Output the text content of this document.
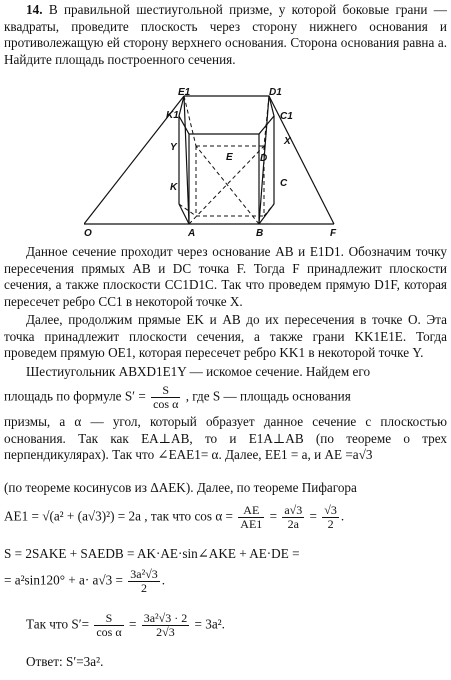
14. В правильной шестиугольной призме, у которой боковые грани — квадраты, проведите плоскость через сторону нижнего основания и противолежащую ей сторону верхнего основания. Сторона основания равна a. Найдите площадь построенного сечения.

E1	D1
K1	C1
Y
X
E	D
K	C
O	A	B	F

Данное сечение проходит через основание AB и E1D1. Обозначим точку пересечения прямых AB и DC точка F. Тогда F принадлежит плоскости сечения, а также плоскости CC1D1C. Так что проведем прямую D1F, которая пересечет ребро CC1 в некоторой точке X.

Далее, продолжим прямые EK и AB до их пересечения в точке O. Эта точка принадлежит плоскости сечения, а также грани KK1E1E. Тогда проведем прямую OE1, которая пересечет ребро KK1 в некоторой точке Y.

Шестиугольник ABXD1E1Y — искомое сечение. Найдем его

площадь по формуле $S' = \frac{S}{\text{cos α}}$ , где S — площадь основания

призмы, а α — угол, который образует данное сечение с плоскостью основания. Так как EA⊥AB, то и E1A⊥AB (по теореме о трех перпендикулярах). Так что ∠EAE1= α. Далее, EE1 = a, и AE =a√3

(по теореме косинусов из ΔAEK). Далее, по теореме Пифагора

AE1 = √(a² + (a√3)²) = 2a , так что $\cos \alpha = \frac{AE}{AE1} = \frac{a√3}{2a} = \frac{√3}{2}$ .
S = 2SAKE + SAEDB = AK·AE·sin∠AKE + AE·DE =
= $a^2\sin 120^\circ + a\cdot a√3 = \frac{\text{3a²√3}}{2}$ .
Так что $S'= \frac{S}{\text{cos α}} = \frac{\text{3a²√3 · 2}}{2√3} = 3a^2$.
Ответ: S′=3a².
